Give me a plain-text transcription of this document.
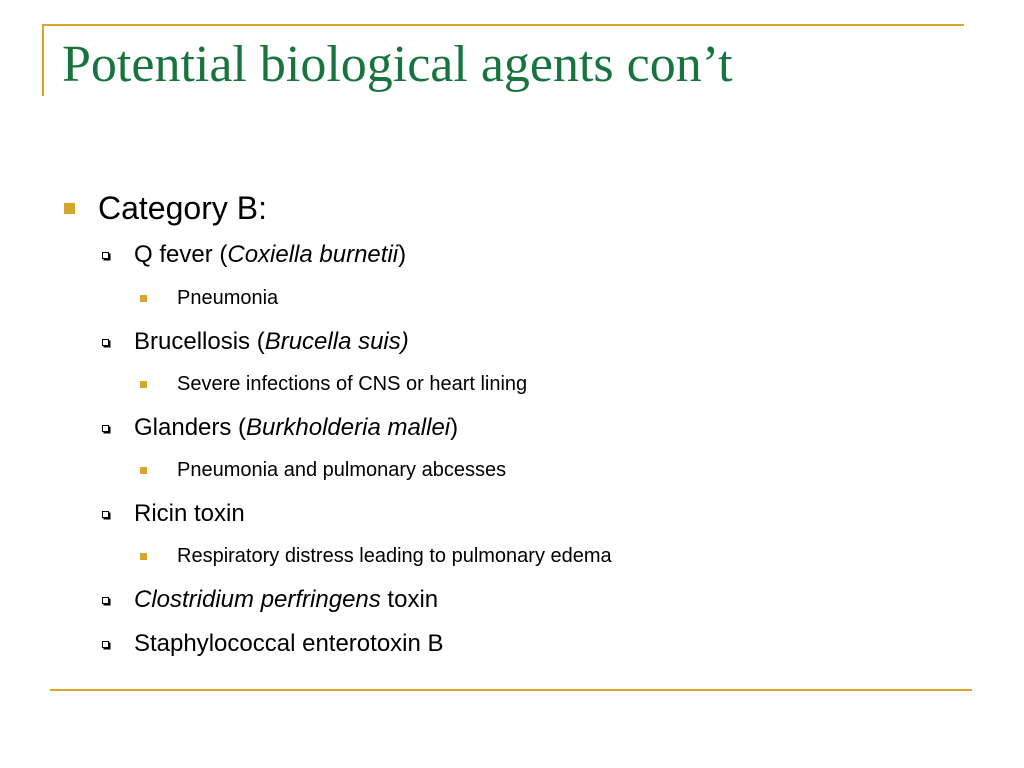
Potential biological agents con’t
Category B:
Q fever ( Coxiella burnetii )
Pneumonia
Brucellosis ( Brucella suis)
Severe infections of CNS or heart lining
Glanders ( Burkholderia mallei )
Pneumonia and pulmonary abcesses
Ricin toxin
Respiratory distress leading to pulmonary edema
Clostridium perfringens toxin
Staphylococcal enterotoxin B
